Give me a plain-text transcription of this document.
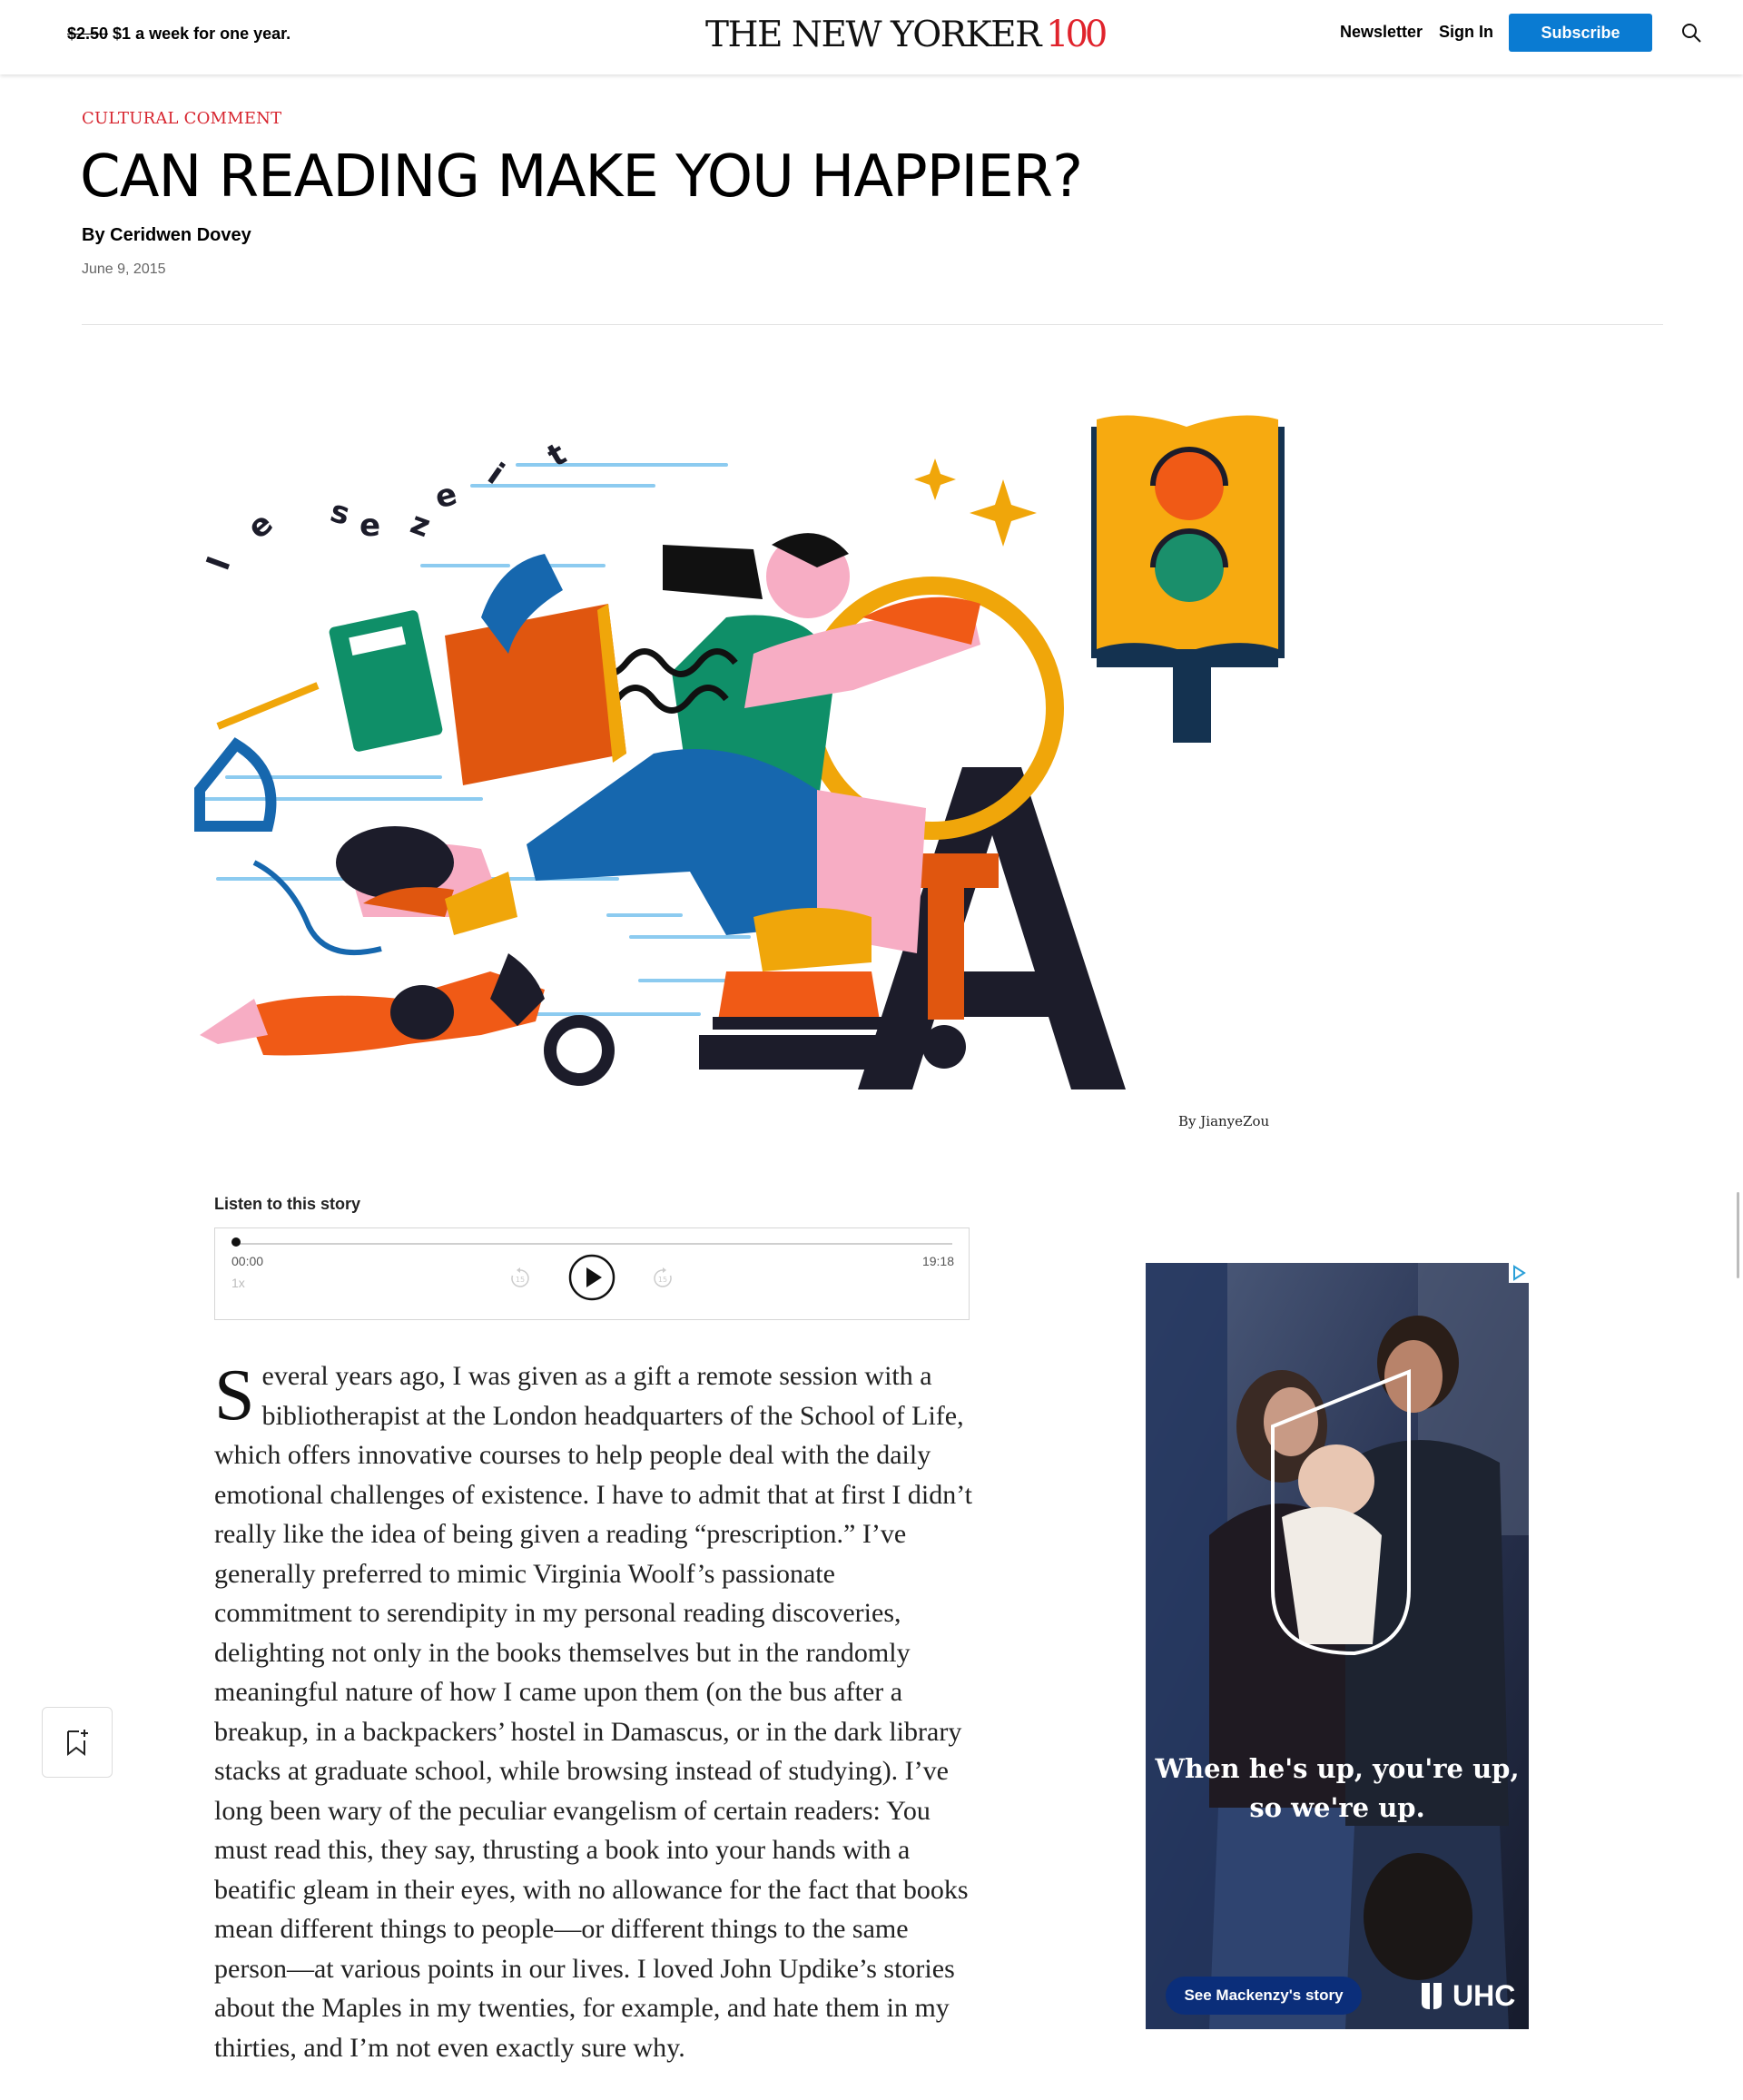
$2.50 $1 a week for one year.	THE NEW YORKER 100	Newsletter Sign In	Subscribe
CULTURAL COMMENT
CAN READING MAKE YOU HAPPIER?
By Ceridwen Dovey
June 9, 2015
l
e s e z
e
i t
By JianyeZou
Listen to this story
00:00	19:18
1x	15	15

Several years ago, I was given as a gift a remote session with a bibliotherapist at the London headquarters of the School of Life, which offers innovative courses to help people deal with the daily emotional challenges of existence. I have to admit that at first I didn’t really like the idea of being given a reading “prescription.” I’ve generally preferred to mimic Virginia Woolf’s passionate commitment to serendipity in my personal reading discoveries, delighting not only in the books themselves but in the randomly meaningful nature of how I came upon them (on the bus after a breakup, in a backpackers’ hostel in Damascus, or in the dark library stacks at graduate school, while browsing instead of studying). I’ve long been wary of the peculiar evangelism of certain readers: You must read this, they say, thrusting a book into your hands with a beatific gleam in their eyes, with no allowance for the fact that books mean different things to people—or different things to the same person—at various points in our lives. I loved John Updike’s stories about the Maples in my twenties, for example, and hate them in my thirties, and I’m not even exactly sure why.

When he's up, you're up, so we're up.
See Mackenzy's story	UHC
